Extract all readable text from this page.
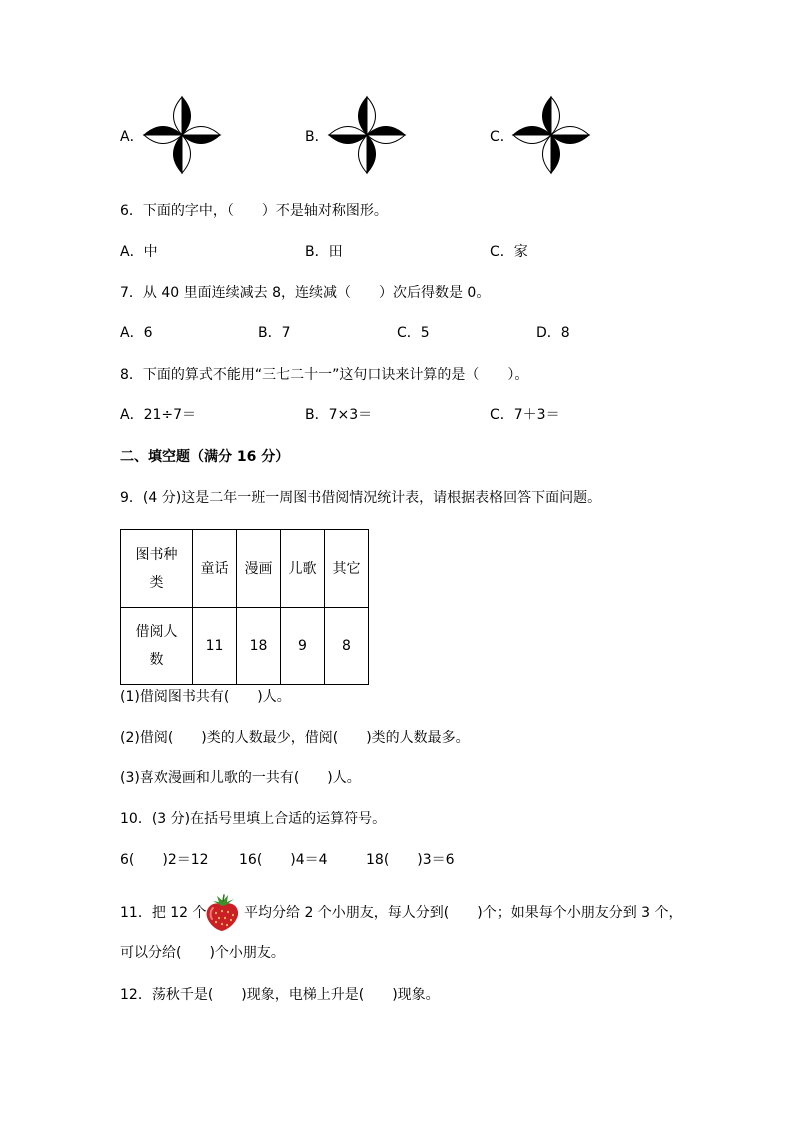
A．	B．	C．
6．下面的字中，（　　）不是轴对称图形。
A．中	B．田	C．家
7．从 40 里面连续减去 8，连续减（　　）次后得数是 0。
A．6	B．7	C．5	D．8
8．下面的算式不能用“三七二十一”这句口诀来计算的是（　　）。
A．21÷7＝	B．7×3＝	C．7＋3＝
二、填空题（满分 16 分）
9．(4 分)这是二年一班一周图书借阅情况统计表，请根据表格回答下面问题。
图书种类	童话	漫画	儿歌	其它
借阅人数	11	18	9	8
(1)借阅图书共有(　　)人。
(2)借阅(　　)类的人数最少，借阅(　　)类的人数最多。
(3)喜欢漫画和儿歌的一共有(　　)人。
10．(3 分)在括号里填上合适的运算符号。
6(　　)2＝12 16(　　)4＝4	18(　　)3＝6
11．把 12 个	平均分给 2 个小朋友，每人分到(　　)个；如果每个小朋友分到 3 个，
可以分给(　　)个小朋友。
12．荡秋千是(　　)现象，电梯上升是(　　)现象。
